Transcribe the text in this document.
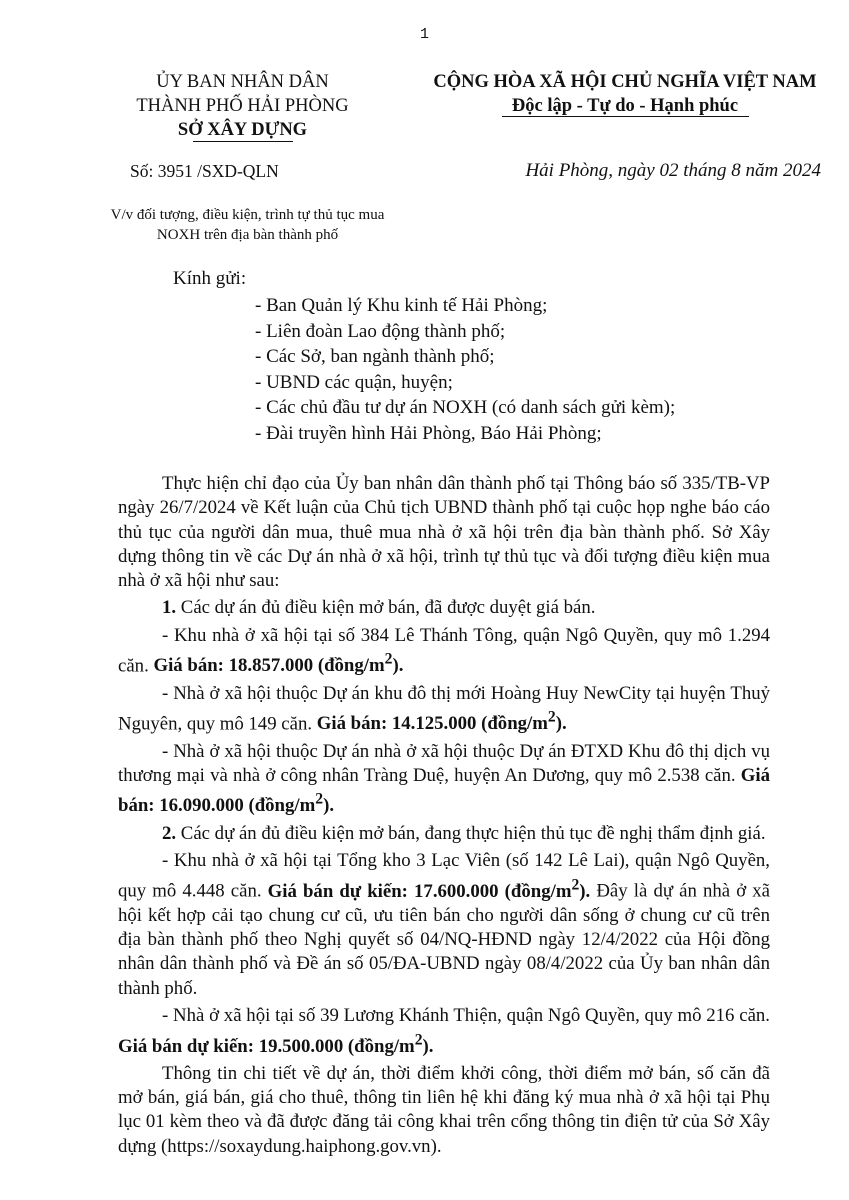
1
ỦY BAN NHÂN DÂN
THÀNH PHỐ HẢI PHÒNG
SỞ XÂY DỰNG
CỘNG HÒA XÃ HỘI CHỦ NGHĨA VIỆT NAM
Độc lập - Tự do - Hạnh phúc
Số: 3951 /SXD-QLN	Hải Phòng, ngày 02 tháng 8 năm 2024
V/v đối tượng, điều kiện, trình tự thủ tục mua
NOXH trên địa bàn thành phố
Kính gửi:
- Ban Quản lý Khu kinh tế Hải Phòng;
- Liên đoàn Lao động thành phố;
- Các Sở, ban ngành thành phố;
- UBND các quận, huyện;
- Các chủ đầu tư dự án NOXH (có danh sách gửi kèm);
- Đài truyền hình Hải Phòng, Báo Hải Phòng;

Thực hiện chỉ đạo của Ủy ban nhân dân thành phố tại Thông báo số 335/TB-VP ngày 26/7/2024 về Kết luận của Chủ tịch UBND thành phố tại cuộc họp nghe báo cáo thủ tục của người dân mua, thuê mua nhà ở xã hội trên địa bàn thành phố. Sở Xây dựng thông tin về các Dự án nhà ở xã hội, trình tự thủ tục và đối tượng điều kiện mua nhà ở xã hội như sau:

1. Các dự án đủ điều kiện mở bán, đã được duyệt giá bán.

- Khu nhà ở xã hội tại số 384 Lê Thánh Tông, quận Ngô Quyền, quy mô 1.294 căn. Giá bán: 18.857.000 $(đồng/m^2)$.

- Nhà ở xã hội thuộc Dự án khu đô thị mới Hoàng Huy NewCity tại huyện Thuỷ Nguyên, quy mô 149 căn. Giá bán: 14.125.000 $(đồng/m^2)$.

- Nhà ở xã hội thuộc Dự án nhà ở xã hội thuộc Dự án ĐTXD Khu đô thị dịch vụ thương mại và nhà ở công nhân Tràng Duệ, huyện An Dương, quy mô 2.538 căn. Giá bán: 16.090.000 $(đồng/m^2)$.

2. Các dự án đủ điều kiện mở bán, đang thực hiện thủ tục đề nghị thẩm định giá.

- Khu nhà ở xã hội tại Tổng kho 3 Lạc Viên (số 142 Lê Lai), quận Ngô Quyền, quy mô 4.448 căn. Giá bán dự kiến: 17.600.000 $(đồng/m^2)$. Đây là dự án nhà ở xã hội kết hợp cải tạo chung cư cũ, ưu tiên bán cho người dân sống ở chung cư cũ trên địa bàn thành phố theo Nghị quyết số 04/NQ-HĐND ngày 12/4/2022 của Hội đồng nhân dân thành phố và Đề án số 05/ĐA-UBND ngày 08/4/2022 của Ủy ban nhân dân thành phố.

- Nhà ở xã hội tại số 39 Lương Khánh Thiện, quận Ngô Quyền, quy mô 216 căn. Giá bán dự kiến: 19.500.000 $(đồng/m^2)$.

Thông tin chi tiết về dự án, thời điểm khởi công, thời điểm mở bán, số căn đã mở bán, giá bán, giá cho thuê, thông tin liên hệ khi đăng ký mua nhà ở xã hội tại Phụ lục 01 kèm theo và đã được đăng tải công khai trên cổng thông tin điện tử của Sở Xây dựng (https://soxaydung.haiphong.gov.vn).
